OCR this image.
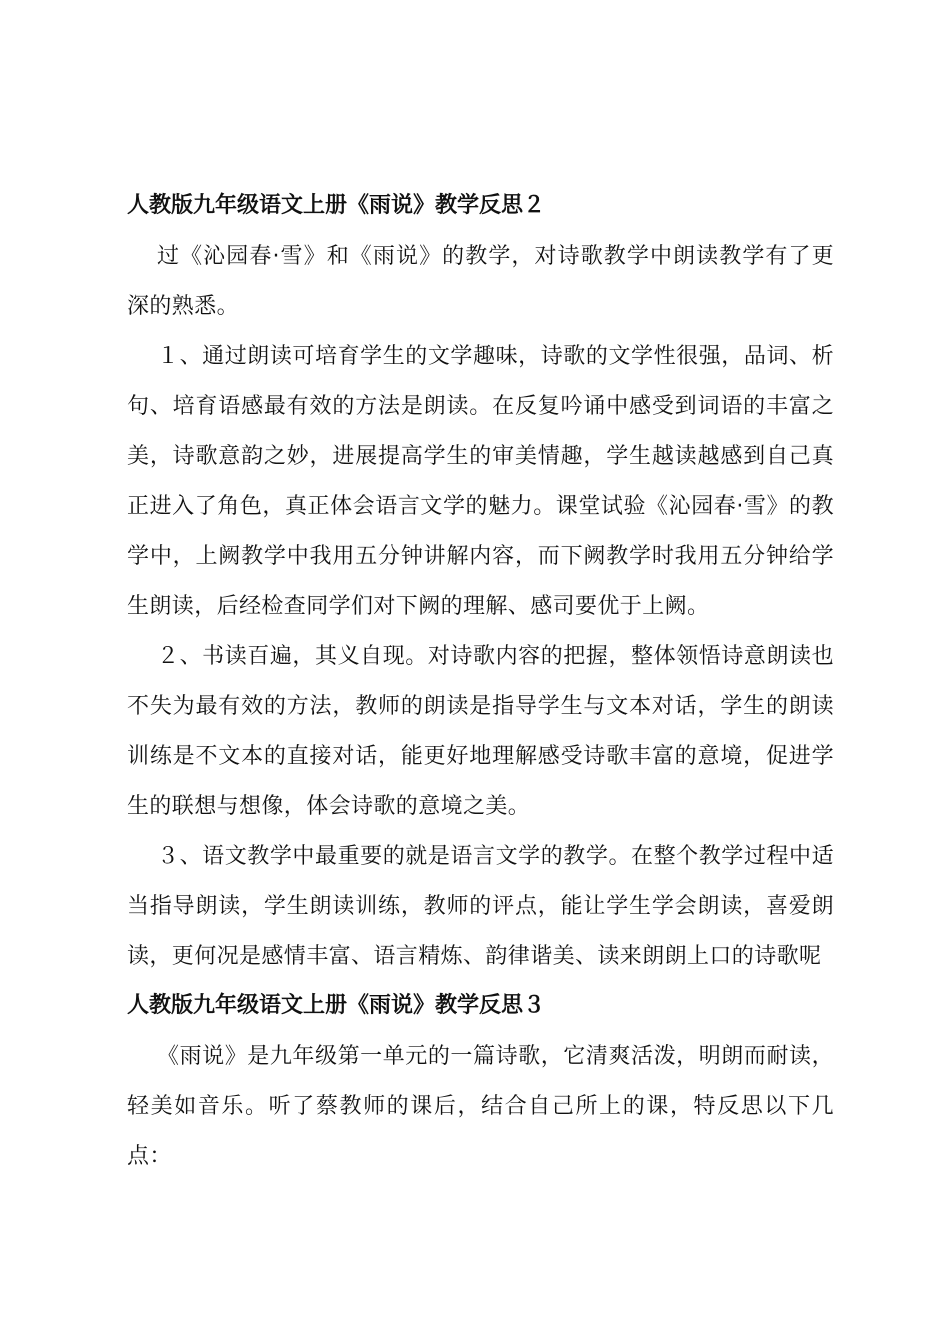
人教版九年级语文上册《雨说》教学反思２

过《沁园春·雪》和《雨说》的教学，对诗歌教学中朗读教学有了更深的熟悉。

１、通过朗读可培育学生的文学趣味，诗歌的文学性很强，品词、析句、培育语感最有效的方法是朗读。在反复吟诵中感受到词语的丰富之美，诗歌意韵之妙，进展提高学生的审美情趣，学生越读越感到自己真正进入了角色，真正体会语言文学的魅力。课堂试验《沁园春·雪》的教学中，上阙教学中我用五分钟讲解内容，而下阙教学时我用五分钟给学生朗读，后经检查同学们对下阙的理解、感司要优于上阙。

２、书读百遍，其义自现。对诗歌内容的把握，整体领悟诗意朗读也不失为最有效的方法，教师的朗读是指导学生与文本对话，学生的朗读训练是不文本的直接对话，能更好地理解感受诗歌丰富的意境，促进学生的联想与想像，体会诗歌的意境之美。

３、语文教学中最重要的就是语言文学的教学。在整个教学过程中适当指导朗读，学生朗读训练，教师的评点，能让学生学会朗读，喜爱朗读，更何况是感情丰富、语言精炼、韵律谐美、读来朗朗上口的诗歌呢

人教版九年级语文上册《雨说》教学反思３

《雨说》是九年级第一单元的一篇诗歌，它清爽活泼，明朗而耐读，轻美如音乐。听了蔡教师的课后，结合自己所上的课，特反思以下几点：
